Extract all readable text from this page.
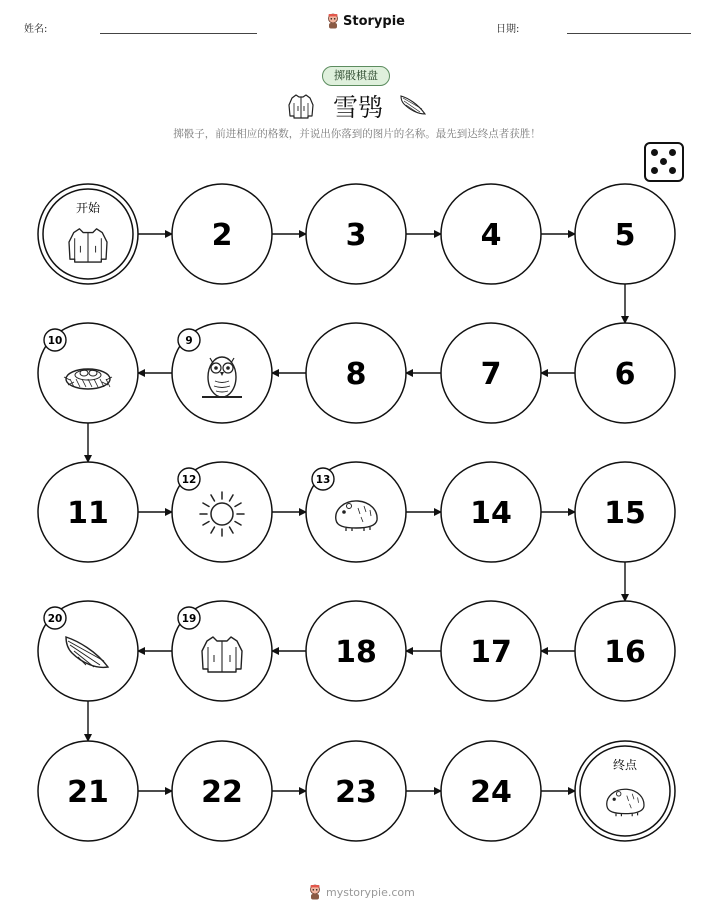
姓名:
Storypie
日期:
掷骰棋盘
雪鸮
掷骰子，前进相应的格数，并说出你落到的图片的名称。最先到达终点者获胜！
开始
2	3	4	5
6
7
8
9
10
11
12	13
14	15
16
17
18
19
20
21	22	23	24
终点
mystorypie.com
